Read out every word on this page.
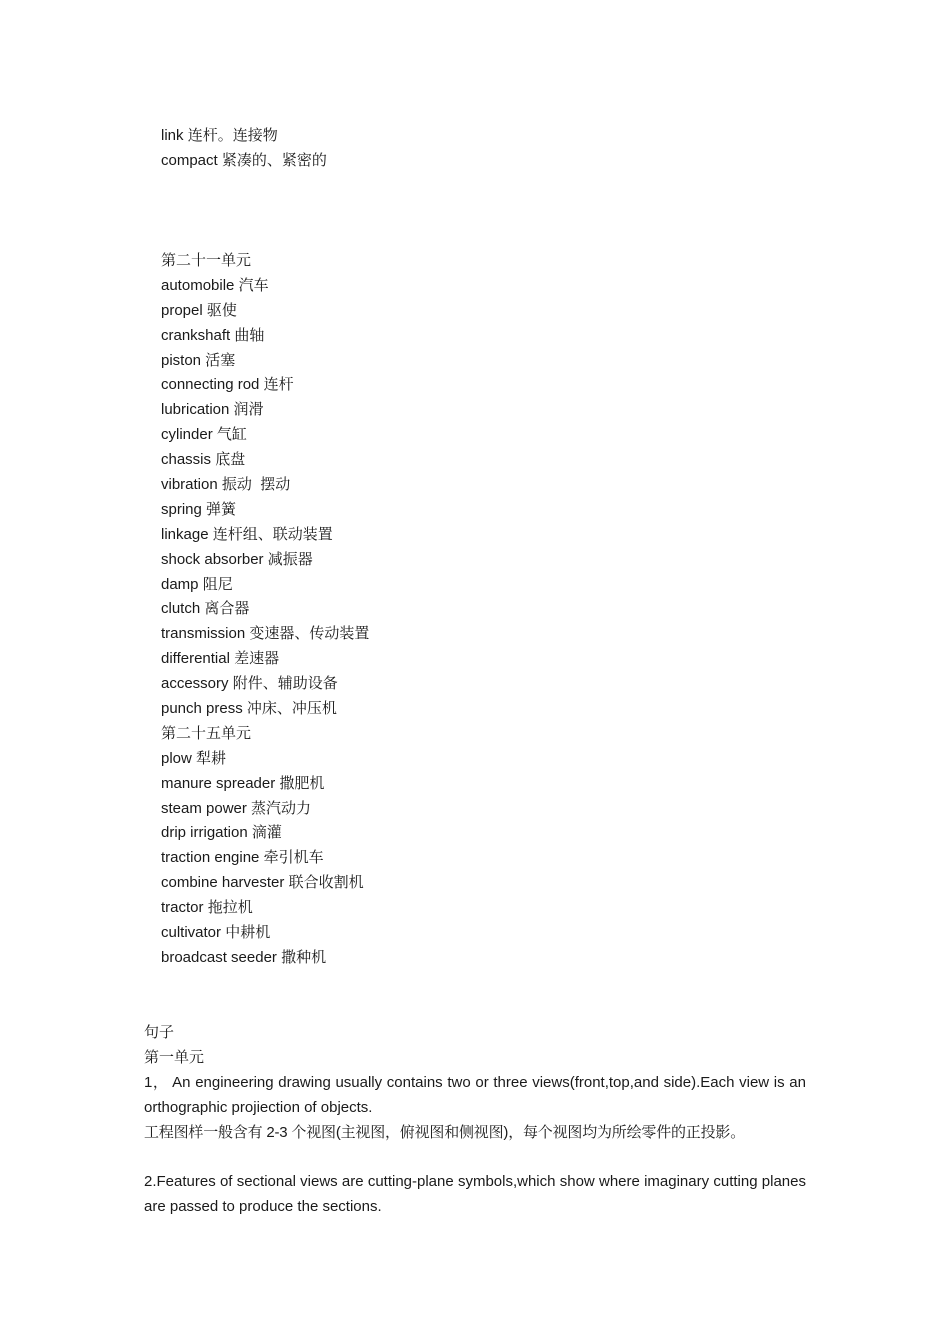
link 连杆。连接物
compact 紧凑的、紧密的
第二十一单元
automobile 汽车
propel 驱使
crankshaft 曲轴
piston 活塞
connecting rod 连杆
lubrication 润滑
cylinder 气缸
chassis 底盘
vibration 振动  摆动
spring 弹簧
linkage 连杆组、联动装置
shock absorber 减振器
damp 阻尼
clutch 离合器
transmission 变速器、传动装置
differential 差速器
accessory 附件、辅助设备
punch press 冲床、冲压机
第二十五单元
plow 犁耕
manure spreader 撒肥机
steam power 蒸汽动力
drip irrigation 滴灌
traction engine 牵引机车
combine harvester 联合收割机
tractor 拖拉机
cultivator 中耕机
broadcast seeder 撒种机
句子
第一单元

1， An engineering drawing usually contains two or three views(front,top,and side).Each view is an orthographic projiection of objects.

工程图样一般含有 2-3 个视图(主视图，俯视图和侧视图)，每个视图均为所绘零件的正投影。

2.Features of sectional views are cutting-plane symbols,which show where imaginary cutting planes are passed to produce the sections.
